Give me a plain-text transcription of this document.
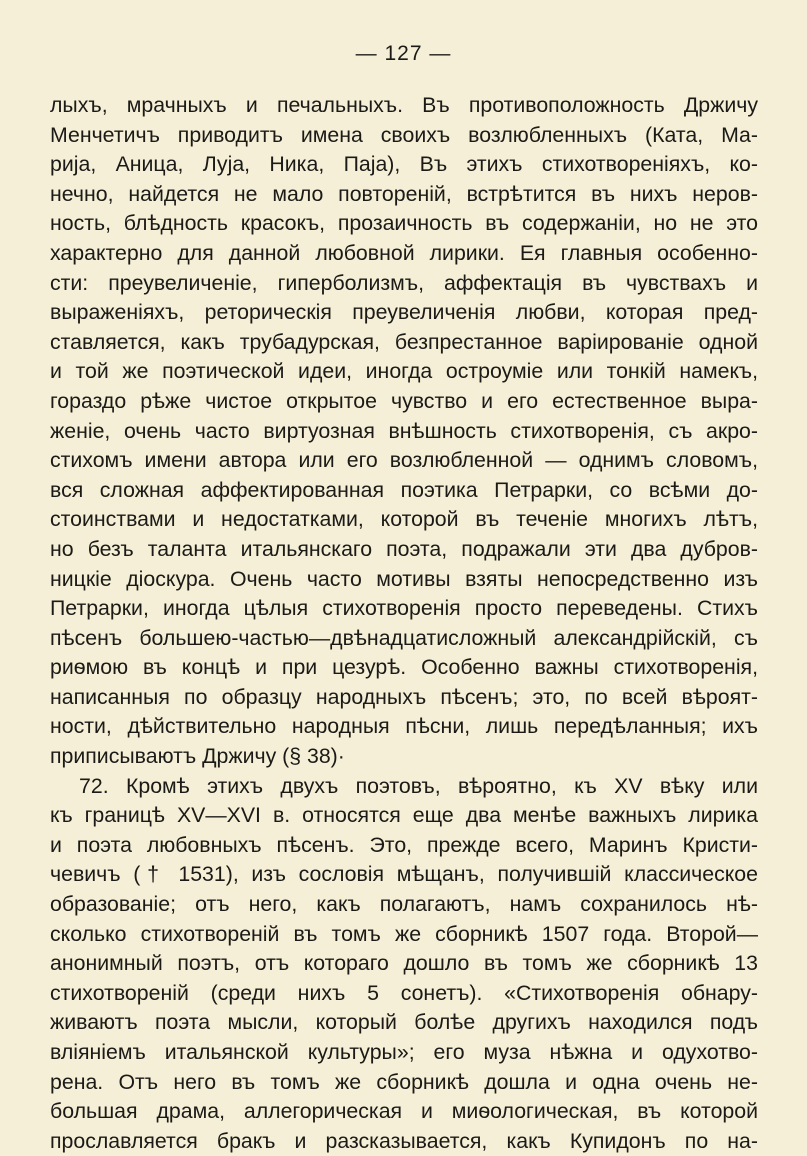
— 127 —
лыхъ, мрачныхъ и печальныхъ. Въ противоположность Држичу
Менчетичъ приводитъ имена своихъ возлюбленныхъ (Ката, Ма-
рија, Аница, Луја, Ника, Паја), Въ этихъ стихотвореніяхъ, ко-
нечно, найдется не мало повтореній, встрѣтится въ нихъ неров-
ность, блѣдность красокъ, прозаичность въ содержаніи, но не это
характерно для данной любовной лирики. Ея главныя особенно-
сти: преувеличеніе, гиперболизмъ, аффектація въ чувствахъ и
выраженіяхъ, реторическія преувеличенія любви, которая пред-
ставляется, какъ трубадурская, безпрестанное варіированіе одной
и той же поэтической идеи, иногда остроуміе или тонкій намекъ,
гораздо рѣже чистое открытое чувство и его естественное выра-
женіе, очень часто виртуозная внѣшность стихотворенія, съ акро-
стихомъ имени автора или его возлюбленной — однимъ словомъ,
вся сложная аффектированная поэтика Петрарки, со всѣми до-
стоинствами и недостатками, которой въ теченіе многихъ лѣтъ,
но безъ таланта итальянскаго поэта, подражали эти два дубров-
ницкіе діоскура. Очень часто мотивы взяты непосредственно изъ
Петрарки, иногда цѣлыя стихотворенія просто переведены. Стихъ
пѣсенъ большею-частью—двѣнадцатисложный александрійскій, съ
риѳмою въ концѣ и при цезурѣ. Особенно важны стихотворенія,
написанныя по образцу народныхъ пѣсенъ; это, по всей вѣроят-
ности, дѣйствительно народныя пѣсни, лишь передѣланныя; ихъ
приписываютъ Држичу (§ 38)·
72. Кромѣ этихъ двухъ поэтовъ, вѣроятно, къ XV вѣку или
къ границѣ XV—XVI в. относятся еще два менѣе важныхъ лирика
и поэта любовныхъ пѣсенъ. Это, прежде всего, Маринъ Кристи-
чевичъ († 1531), изъ сословія мѣщанъ, получившій классическое
образованіе; отъ него, какъ полагаютъ, намъ сохранилось нѣ-
сколько стихотвореній въ томъ же сборникѣ 1507 года. Второй—
анонимный поэтъ, отъ котораго дошло въ томъ же сборникѣ 13
стихотвореній (среди нихъ 5 сонетъ). «Стихотворенія обнару-
живаютъ поэта мысли, который болѣе другихъ находился подъ
вліяніемъ итальянской культуры»; его муза нѣжна и одухотво-
рена. Отъ него въ томъ же сборникѣ дошла и одна очень не-
большая драма, аллегорическая и миѳологическая, въ которой
прославляется бракъ и разсказывается, какъ Купидонъ по на-
